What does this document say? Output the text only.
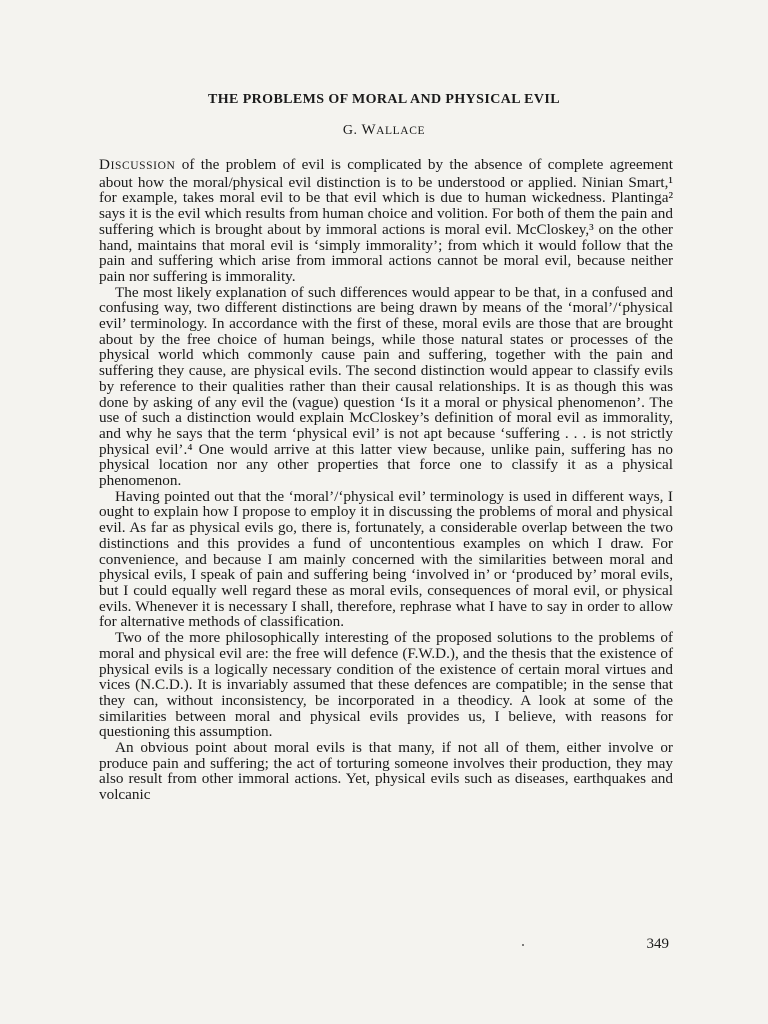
THE PROBLEMS OF MORAL AND PHYSICAL EVIL
G. WALLACE

DISCUSSION of the problem of evil is complicated by the absence of complete agreement about how the moral/physical evil distinction is to be understood or applied. Ninian Smart,¹ for example, takes moral evil to be that evil which is due to human wickedness. Plantinga² says it is the evil which results from human choice and volition. For both of them the pain and suffering which is brought about by immoral actions is moral evil. McCloskey,³ on the other hand, maintains that moral evil is ‘simply immorality’; from which it would follow that the pain and suffering which arise from immoral actions cannot be moral evil, because neither pain nor suffering is immorality.

The most likely explanation of such differences would appear to be that, in a confused and confusing way, two different distinctions are being drawn by means of the ‘moral’/‘physical evil’ terminology. In accordance with the first of these, moral evils are those that are brought about by the free choice of human beings, while those natural states or processes of the physical world which commonly cause pain and suffering, together with the pain and suffering they cause, are physical evils. The second distinction would appear to classify evils by reference to their qualities rather than their causal relationships. It is as though this was done by asking of any evil the (vague) question ‘Is it a moral or physical phenomenon’. The use of such a distinction would explain McCloskey’s definition of moral evil as immorality, and why he says that the term ‘physical evil’ is not apt because ‘suffering . . . is not strictly physical evil’.⁴ One would arrive at this latter view because, unlike pain, suffering has no physical location nor any other properties that force one to classify it as a physical phenomenon.

Having pointed out that the ‘moral’/‘physical evil’ terminology is used in different ways, I ought to explain how I propose to employ it in discussing the problems of moral and physical evil. As far as physical evils go, there is, fortunately, a considerable overlap between the two distinctions and this provides a fund of uncontentious examples on which I draw. For convenience, and because I am mainly concerned with the similarities between moral and physical evils, I speak of pain and suffering being ‘involved in’ or ‘produced by’ moral evils, but I could equally well regard these as moral evils, consequences of moral evil, or physical evils. Whenever it is necessary I shall, therefore, rephrase what I have to say in order to allow for alternative methods of classification.

Two of the more philosophically interesting of the proposed solutions to the problems of moral and physical evil are: the free will defence (F.W.D.), and the thesis that the existence of physical evils is a logically necessary condition of the existence of certain moral virtues and vices (N.C.D.). It is invariably assumed that these defences are compatible; in the sense that they can, without inconsistency, be incorporated in a theodicy. A look at some of the similarities between moral and physical evils provides us, I believe, with reasons for questioning this assumption.

An obvious point about moral evils is that many, if not all of them, either involve or produce pain and suffering; the act of torturing someone involves their production, they may also result from other immoral actions. Yet, physical evils such as diseases, earthquakes and volcanic

349
